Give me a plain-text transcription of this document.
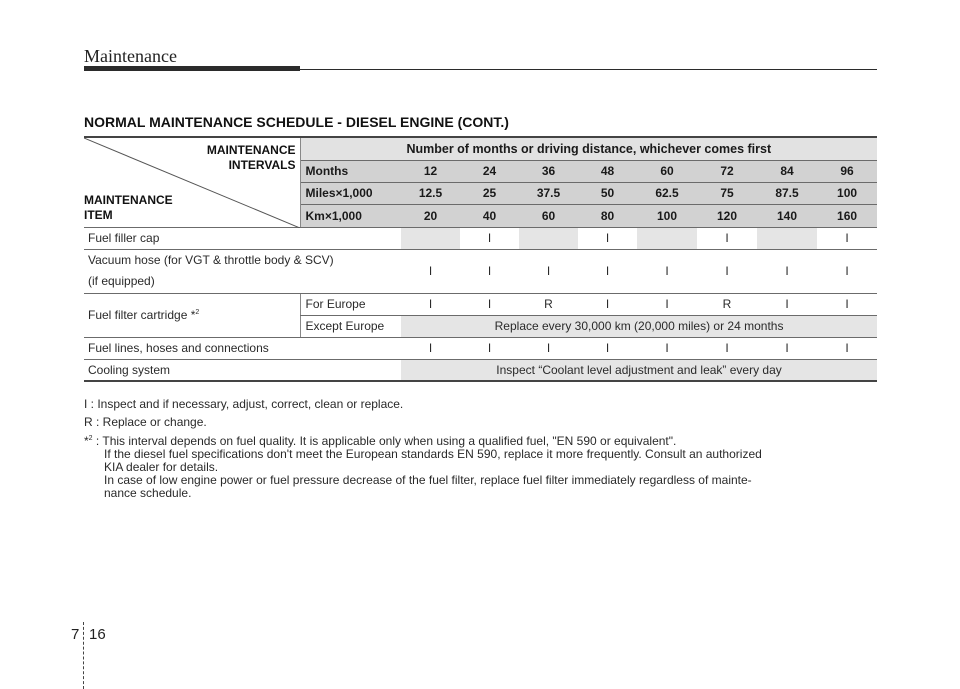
Maintenance
NORMAL MAINTENANCE SCHEDULE - DIESEL ENGINE (CONT.)
MAINTENANCE
INTERVALS
MAINTENANCE
ITEM	Number of months or driving distance, whichever comes first								
	Months	12	24	36	48	60	72	84	96
	Miles×1,000	12.5	25	37.5	50	62.5	75	87.5	100
	Km×1,000	20	40	60	80	100	120	140	160
Fuel filler cap			I		I		I		I

Vacuum hose (for VGT & throttle body & SCV)
(if equipped)		I	I	I	I	I	I	I	I
Fuel filter cartridge *$^2$	For Europe	I	I	R	I	I	R	I	I
	Except Europe	Replace every 30,000 km (20,000 miles) or 24 months							
Fuel lines, hoses and connections		I	I	I	I	I	I	I	I
Cooling system		Inspect “Coolant level adjustment and leak” every day							
I : Inspect and if necessary, adjust, correct, clean or replace.
R : Replace or change.
*$^2$ : This interval depends on fuel quality. It is applicable only when using a qualified fuel, "EN 590 or equivalent".
If the diesel fuel specifications don't meet the European standards EN 590, replace it more frequently. Consult an authorized
KIA dealer for details.
In case of low engine power or fuel pressure decrease of the fuel filter, replace fuel filter immediately regardless of mainte-
nance schedule.
7 16
